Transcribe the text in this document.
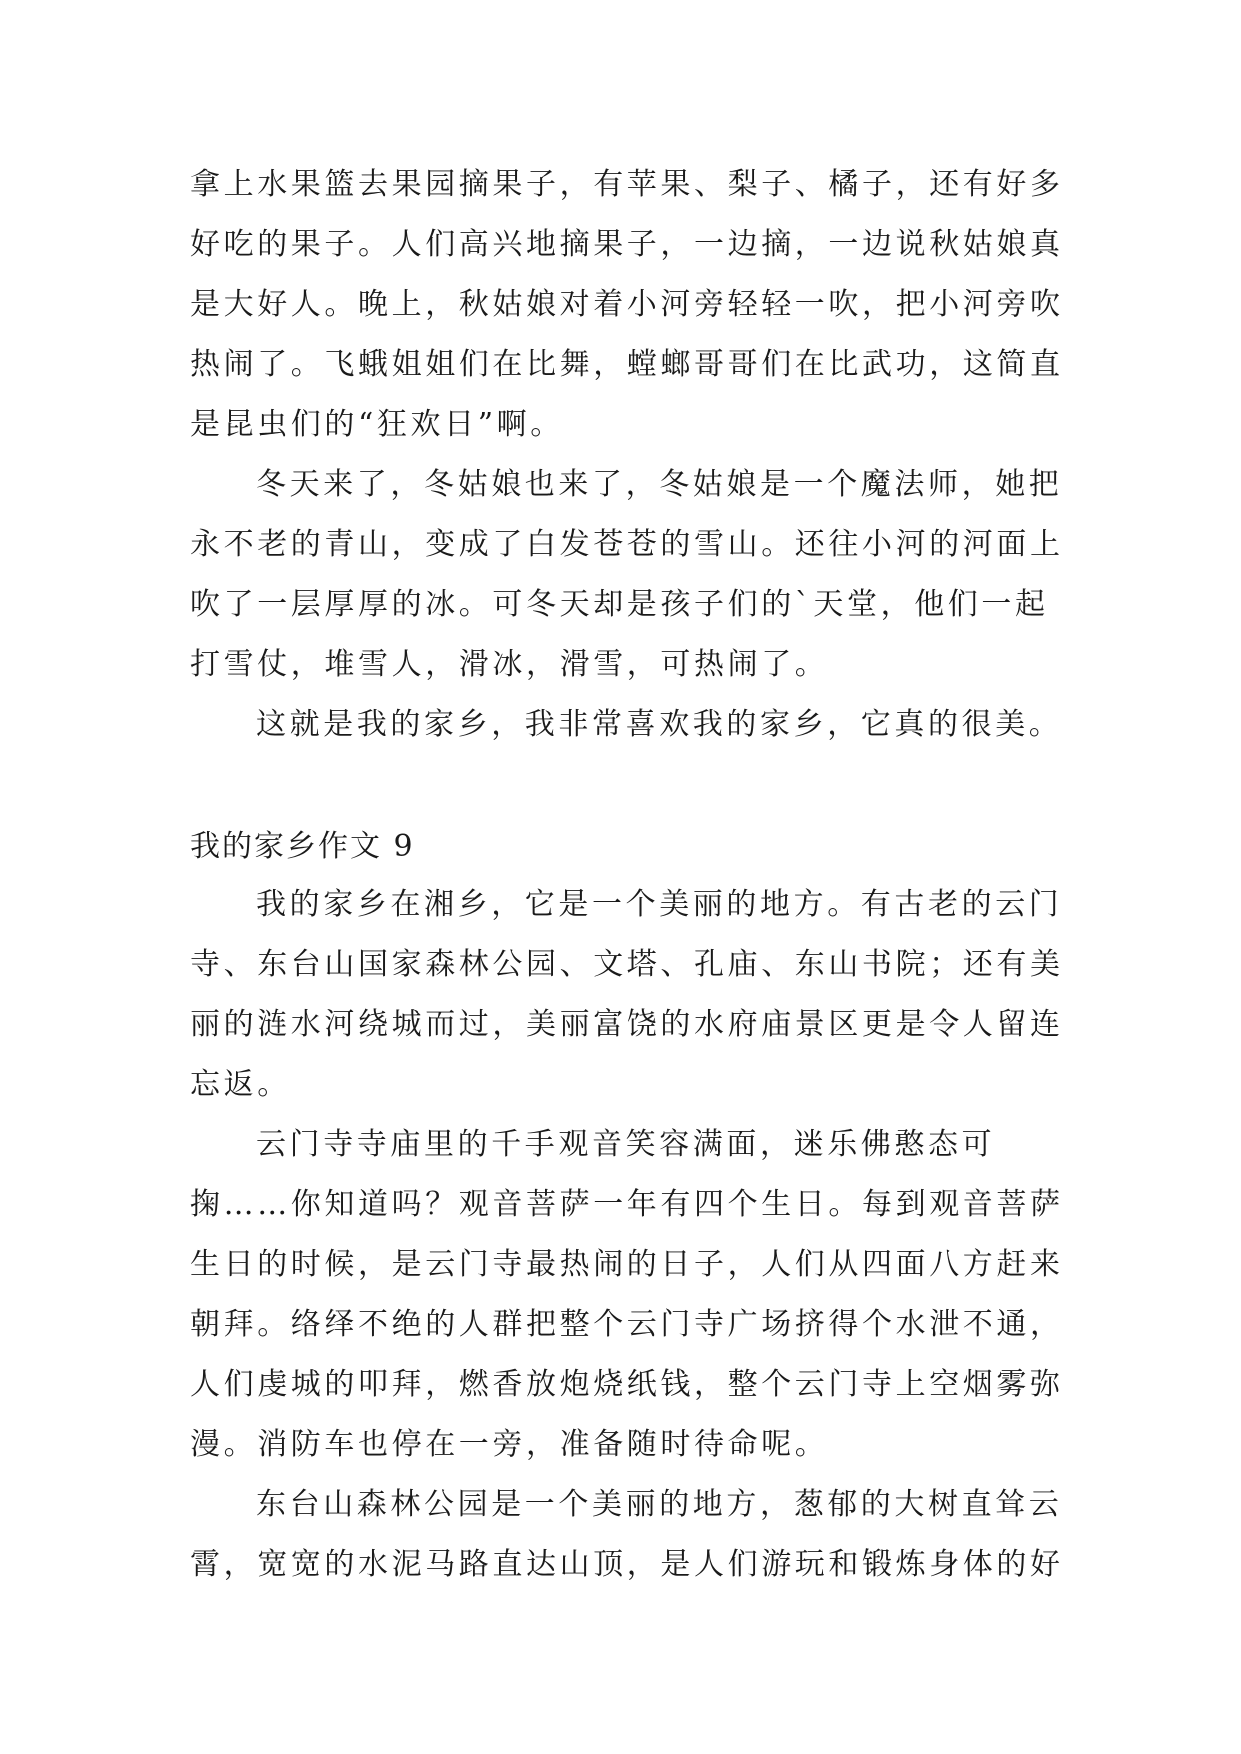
拿上水果篮去果园摘果子，有苹果、梨子、橘子，还有好多
好吃的果子。人们高兴地摘果子，一边摘，一边说秋姑娘真
是大好人。晚上，秋姑娘对着小河旁轻轻一吹，把小河旁吹
热闹了。飞蛾姐姐们在比舞，螳螂哥哥们在比武功，这简直
是昆虫们的“狂欢日”啊。
冬天来了，冬姑娘也来了，冬姑娘是一个魔法师，她把
永不老的青山，变成了白发苍苍的雪山。还往小河的河面上
吹了一层厚厚的冰。可冬天却是孩子们的`天堂，他们一起
打雪仗，堆雪人，滑冰，滑雪，可热闹了。
这就是我的家乡，我非常喜欢我的家乡，它真的很美。
我的家乡作文 9
我的家乡在湘乡，它是一个美丽的地方。有古老的云门
寺、东台山国家森林公园、文塔、孔庙、东山书院；还有美
丽的涟水河绕城而过，美丽富饶的水府庙景区更是令人留连
忘返。
云门寺寺庙里的千手观音笑容满面，迷乐佛憨态可
掬……你知道吗？观音菩萨一年有四个生日。每到观音菩萨
生日的时候，是云门寺最热闹的日子，人们从四面八方赶来
朝拜。络绎不绝的人群把整个云门寺广场挤得个水泄不通，
人们虔城的叩拜，燃香放炮烧纸钱，整个云门寺上空烟雾弥
漫。消防车也停在一旁，准备随时待命呢。
东台山森林公园是一个美丽的地方，葱郁的大树直耸云
霄，宽宽的水泥马路直达山顶，是人们游玩和锻炼身体的好
